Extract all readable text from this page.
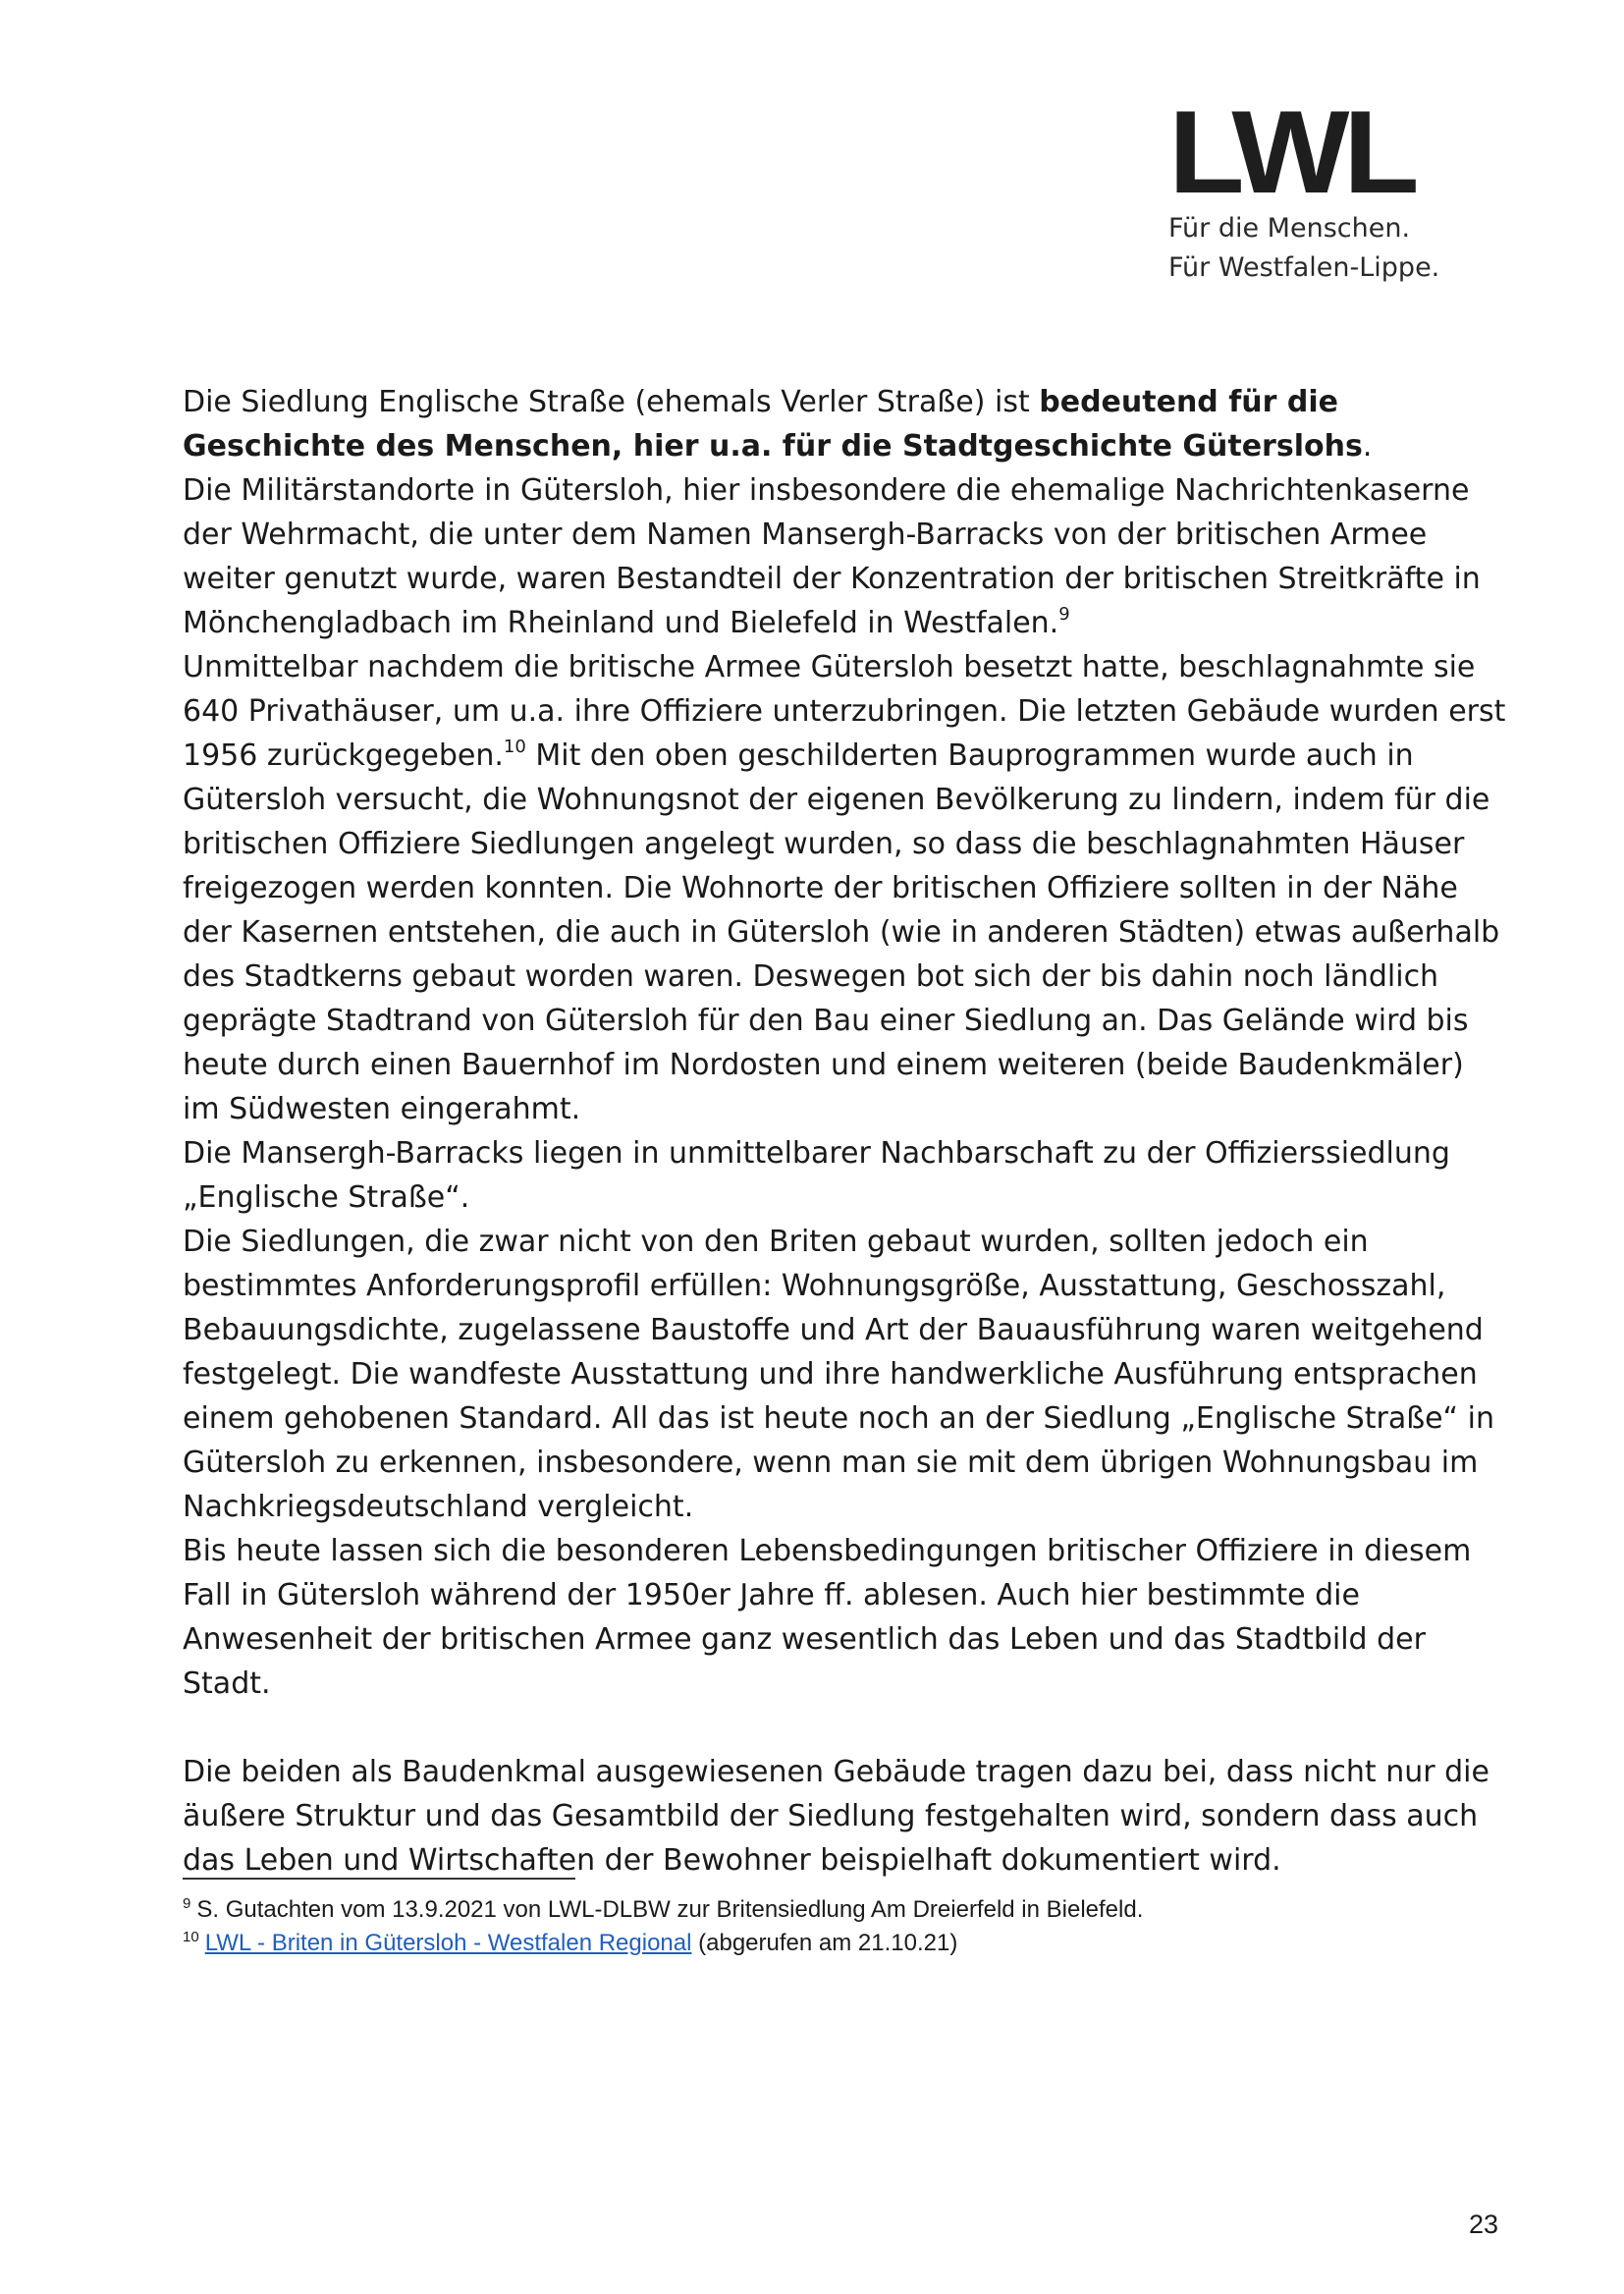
LWL
Für die Menschen.
Für Westfalen-Lippe.

Die Siedlung Englische Straße (ehemals Verler Straße) ist bedeutend für die Geschichte des Menschen, hier u.a. für die Stadtgeschichte Güterslohs.

Die Militärstandorte in Gütersloh, hier insbesondere die ehemalige Nachrichtenkaserne der Wehrmacht, die unter dem Namen Mansergh-Barracks von der britischen Armee weiter genutzt wurde, waren Bestandteil der Konzentration der britischen Streitkräfte in Mönchengladbach im Rheinland und Bielefeld in Westfalen.$^9$

Unmittelbar nachdem die britische Armee Gütersloh besetzt hatte, beschlagnahmte sie 640 Privathäuser, um u.a. ihre Offiziere unterzubringen. Die letzten Gebäude wurden erst 1956 zurückgegeben.$^{10}$ Mit den oben geschilderten Bauprogrammen wurde auch in Gütersloh versucht, die Wohnungsnot der eigenen Bevölkerung zu lindern, indem für die britischen Offiziere Siedlungen angelegt wurden, so dass die beschlagnahmten Häuser freigezogen werden konnten. Die Wohnorte der britischen Offiziere sollten in der Nähe der Kasernen entstehen, die auch in Gütersloh (wie in anderen Städten) etwas außerhalb des Stadtkerns gebaut worden waren. Deswegen bot sich der bis dahin noch ländlich geprägte Stadtrand von Gütersloh für den Bau einer Siedlung an. Das Gelände wird bis heute durch einen Bauernhof im Nordosten und einem weiteren (beide Baudenkmäler) im Südwesten eingerahmt.

Die Mansergh-Barracks liegen in unmittelbarer Nachbarschaft zu der Offizierssiedlung „Englische Straße“.

Die Siedlungen, die zwar nicht von den Briten gebaut wurden, sollten jedoch ein bestimmtes Anforderungsprofil erfüllen: Wohnungsgröße, Ausstattung, Geschosszahl, Bebauungsdichte, zugelassene Baustoffe und Art der Bauausführung waren weitgehend festgelegt. Die wandfeste Ausstattung und ihre handwerkliche Ausführung entsprachen einem gehobenen Standard. All das ist heute noch an der Siedlung „Englische Straße“ in Gütersloh zu erkennen, insbesondere, wenn man sie mit dem übrigen Wohnungsbau im Nachkriegsdeutschland vergleicht.

Bis heute lassen sich die besonderen Lebensbedingungen britischer Offiziere in diesem Fall in Gütersloh während der 1950er Jahre ff. ablesen. Auch hier bestimmte die Anwesenheit der britischen Armee ganz wesentlich das Leben und das Stadtbild der Stadt.

Die beiden als Baudenkmal ausgewiesenen Gebäude tragen dazu bei, dass nicht nur die äußere Struktur und das Gesamtbild der Siedlung festgehalten wird, sondern dass auch das Leben und Wirtschaften der Bewohner beispielhaft dokumentiert wird.

$^9$ S. Gutachten vom 13.9.2021 von LWL-DLBW zur Britensiedlung Am Dreierfeld in Bielefeld.
$^{10}$ LWL - Briten in Gütersloh - Westfalen Regional (abgerufen am 21.10.21)
23
